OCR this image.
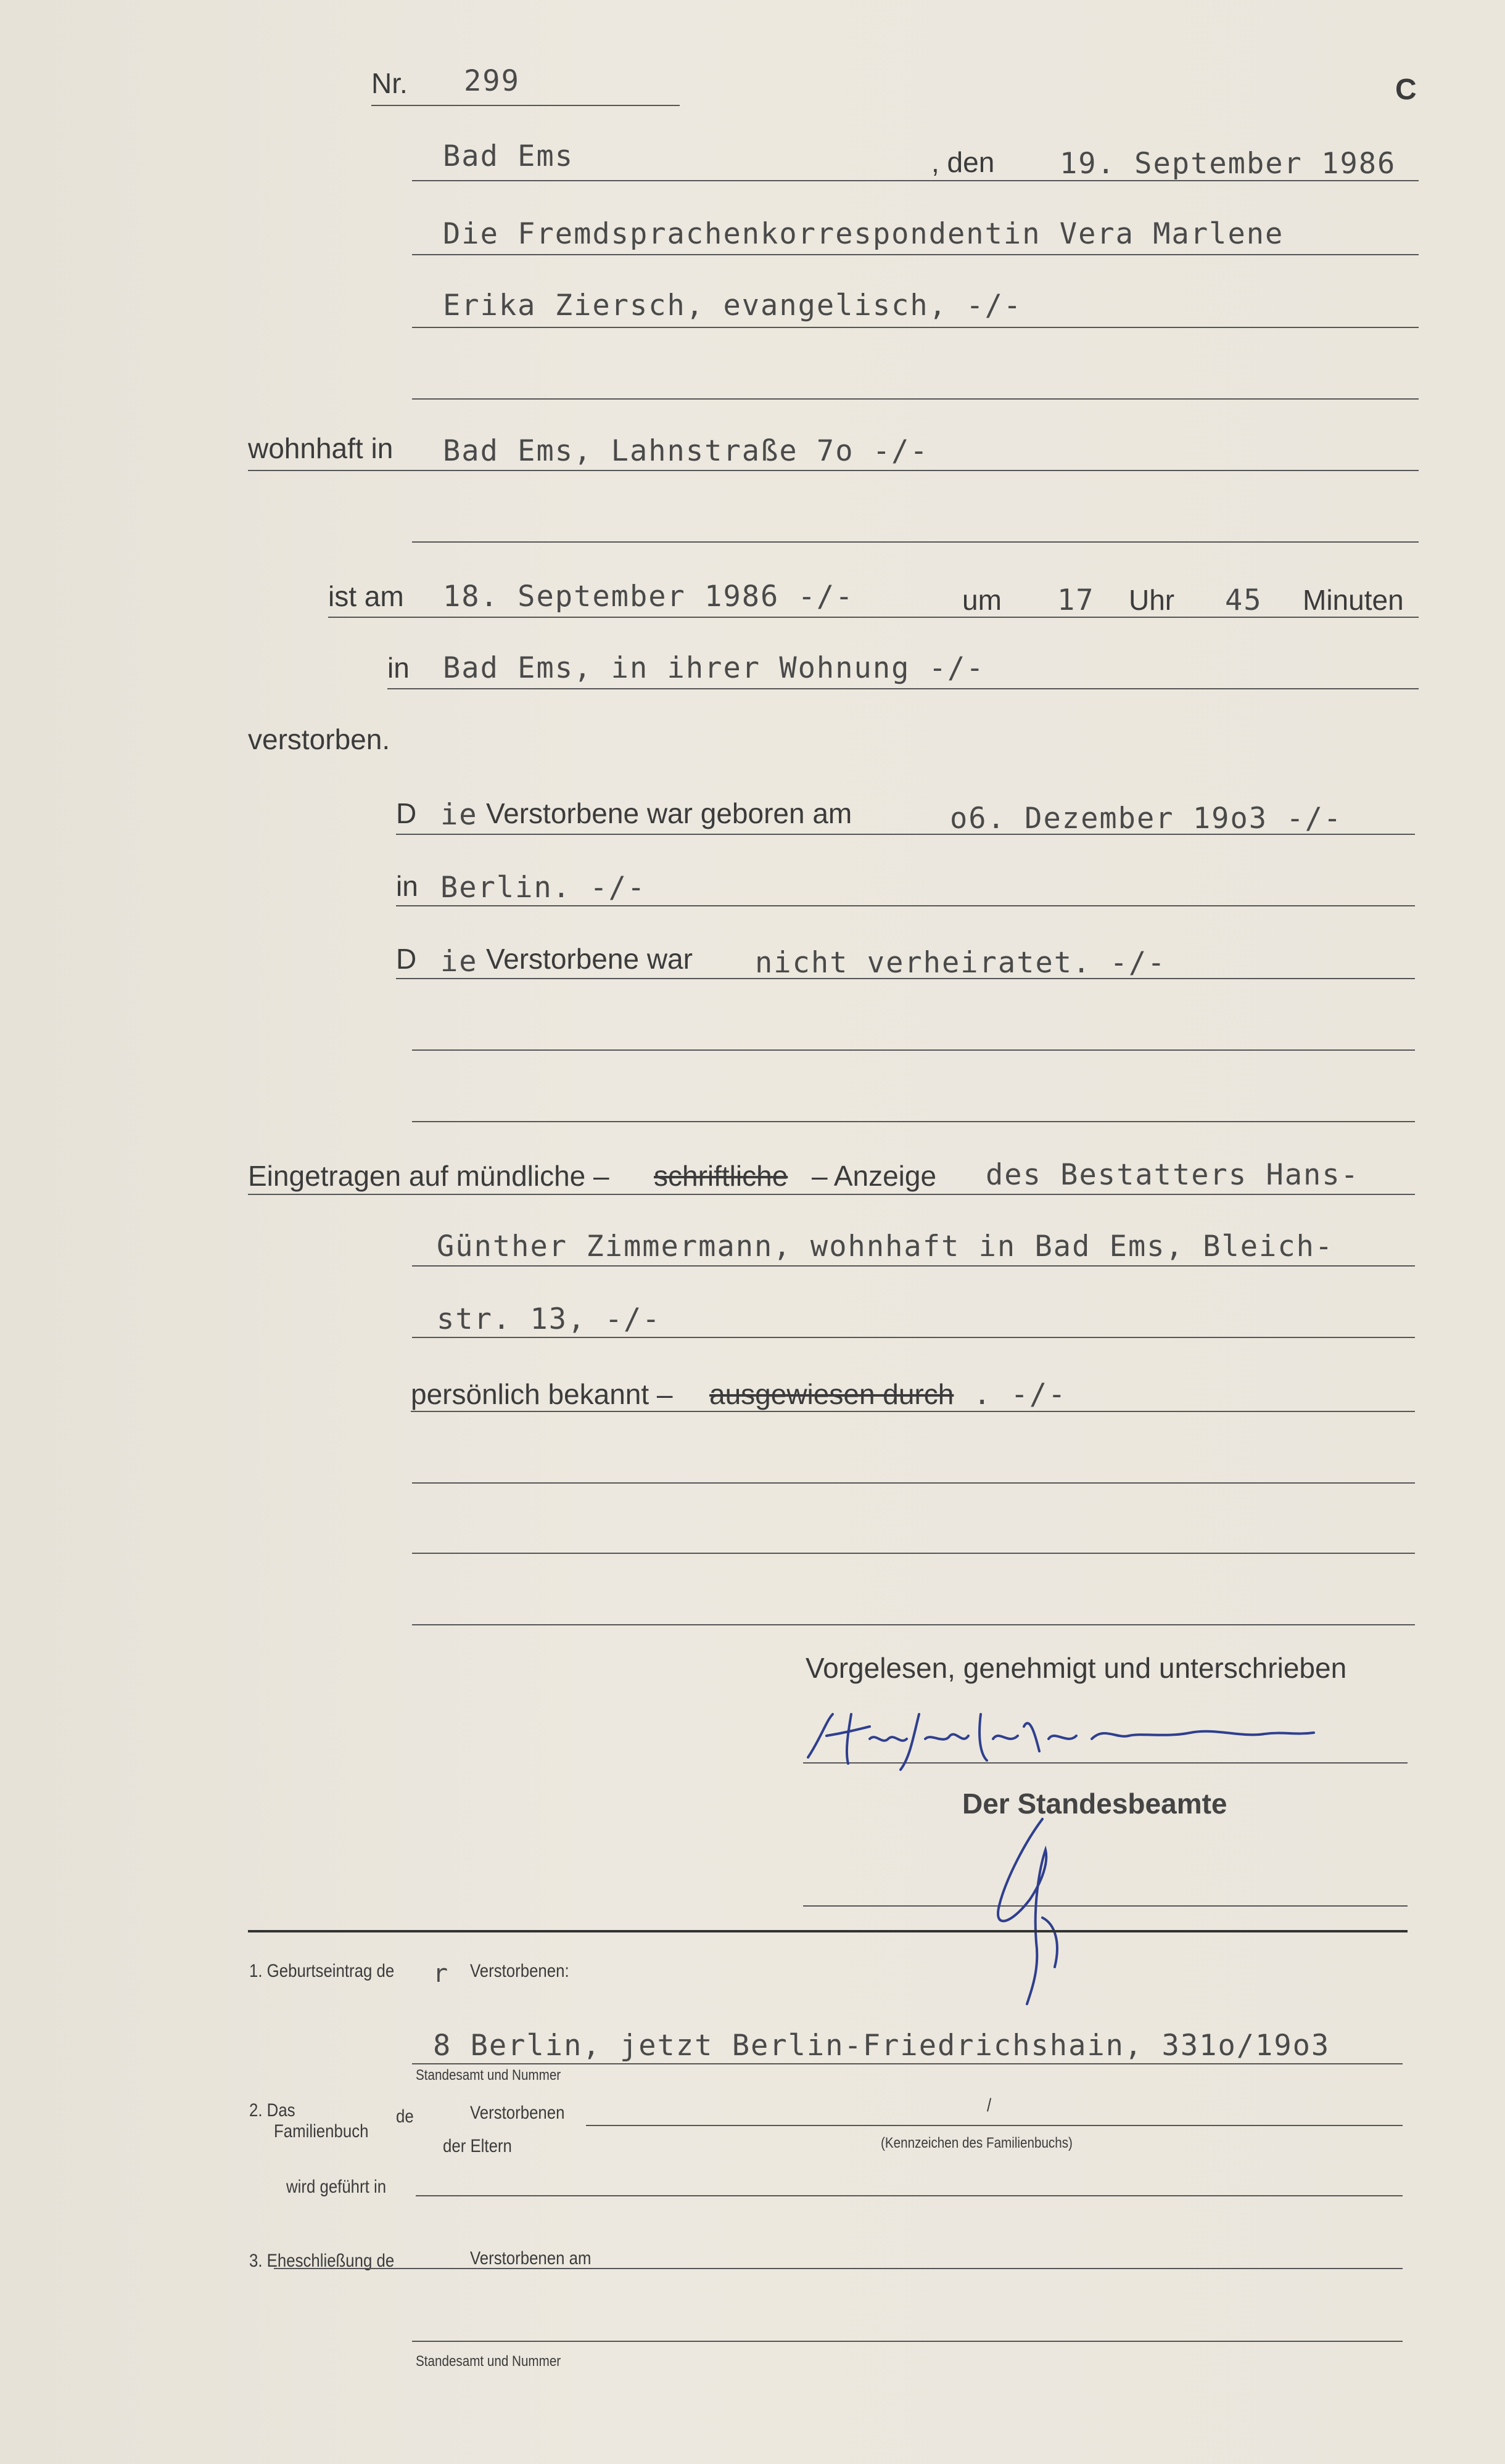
Nr. 299	C
Bad Ems	, den 19. September 1986
Die Fremdsprachenkorrespondentin Vera Marlene
Erika Ziersch, evangelisch, -/-
wohnhaft in Bad Ems, Lahnstraße 7o -/-
ist am 18. September 1986 -/-	um 17 Uhr 45 Minuten
in Bad Ems, in ihrer Wohnung -/-
verstorben.
D ie Verstorbene war geboren am	o6. Dezember 19o3 -/-
in Berlin. -/-
D ie Verstorbene war nicht verheiratet. -/-
Eingetragen auf mündliche – schriftliche – Anzeige des Bestatters Hans-
Günther Zimmermann, wohnhaft in Bad Ems, Bleich-
str. 13, -/-
persönlich bekannt – ausgewiesen durch . -/-
Vorgelesen, genehmigt und unterschrieben
Der Standesbeamte
1. Geburtseintrag de r Verstorbenen:
8 Berlin, jetzt Berlin-Friedrichshain, 331o/19o3
Standesamt und Nummer
2. Das
Familienbuch
de	Verstorbenen
der Eltern
/
(Kennzeichen des Familienbuchs)
wird geführt in
3. Eheschließung de	Verstorbenen am
Standesamt und Nummer
